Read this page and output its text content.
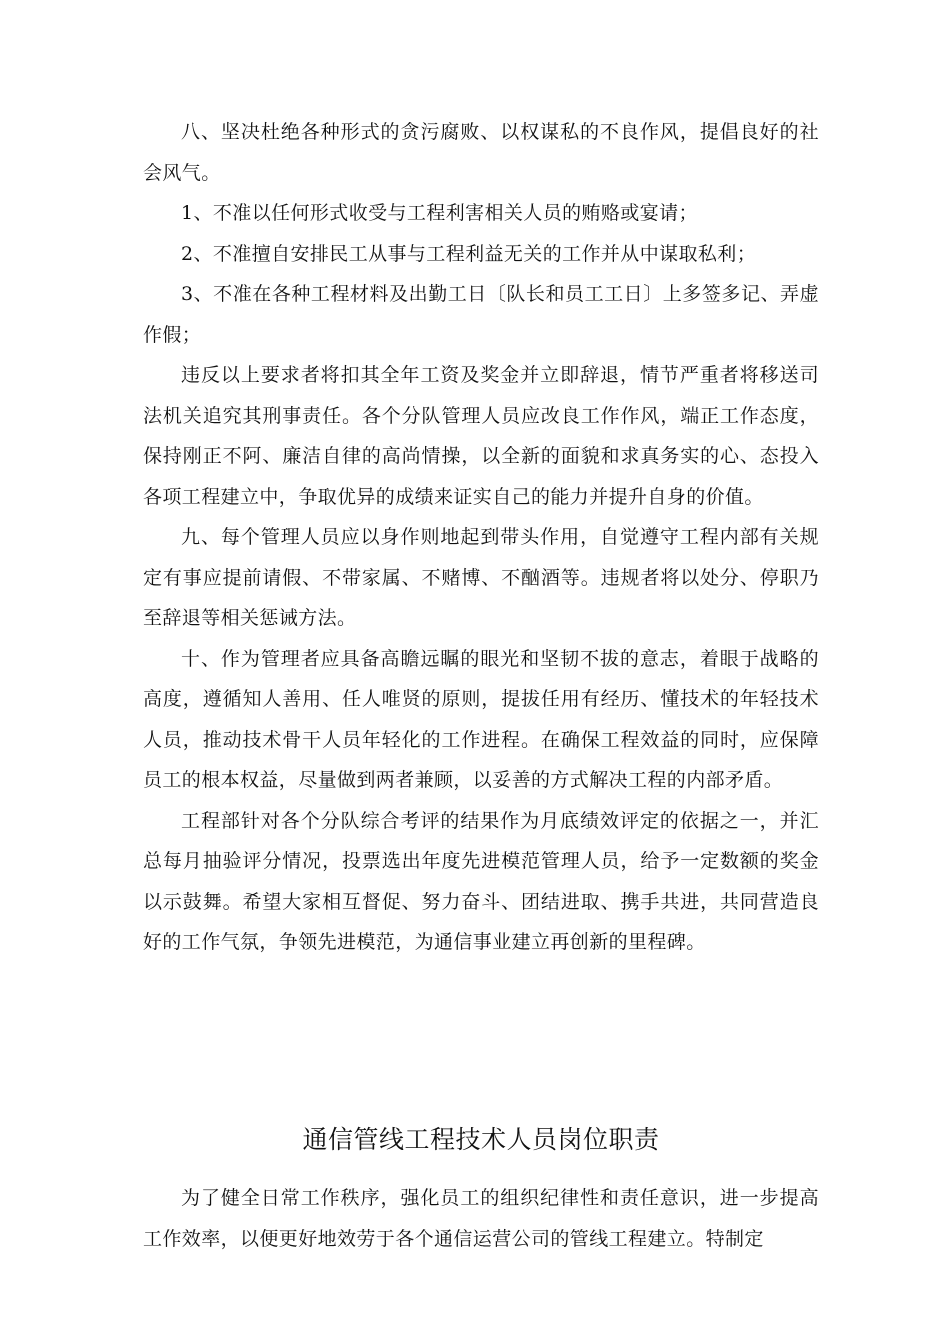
八、坚决杜绝各种形式的贪污腐败、以权谋私的不良作风，提倡良好的社会风气。

1、不准以任何形式收受与工程利害相关人员的贿赂或宴请；

2、不准擅自安排民工从事与工程利益无关的工作并从中谋取私利；

3、不准在各种工程材料及出勤工日〔队长和员工工日〕上多签多记、弄虚作假；

违反以上要求者将扣其全年工资及奖金并立即辞退，情节严重者将移送司法机关追究其刑事责任。各个分队管理人员应改良工作作风，端正工作态度，保持刚正不阿、廉洁自律的高尚情操，以全新的面貌和求真务实的心、态投入各项工程建立中，争取优异的成绩来证实自己的能力并提升自身的价值。

九、每个管理人员应以身作则地起到带头作用，自觉遵守工程内部有关规定有事应提前请假、不带家属、不赌博、不酗酒等。违规者将以处分、停职乃至辞退等相关惩诫方法。

十、作为管理者应具备高瞻远瞩的眼光和坚韧不拔的意志，着眼于战略的高度，遵循知人善用、任人唯贤的原则，提拔任用有经历、懂技术的年轻技术人员，推动技术骨干人员年轻化的工作进程。在确保工程效益的同时，应保障员工的根本权益，尽量做到两者兼顾，以妥善的方式解决工程的内部矛盾。

工程部针对各个分队综合考评的结果作为月底绩效评定的依据之一，并汇总每月抽验评分情况，投票选出年度先进模范管理人员，给予一定数额的奖金以示鼓舞。希望大家相互督促、努力奋斗、团结进取、携手共进，共同营造良好的工作气氛，争领先进模范，为通信事业建立再创新的里程碑。

通信管线工程技术人员岗位职责

为了健全日常工作秩序，强化员工的组织纪律性和责任意识，进一步提高工作效率，以便更好地效劳于各个通信运营公司的管线工程建立。特制定
